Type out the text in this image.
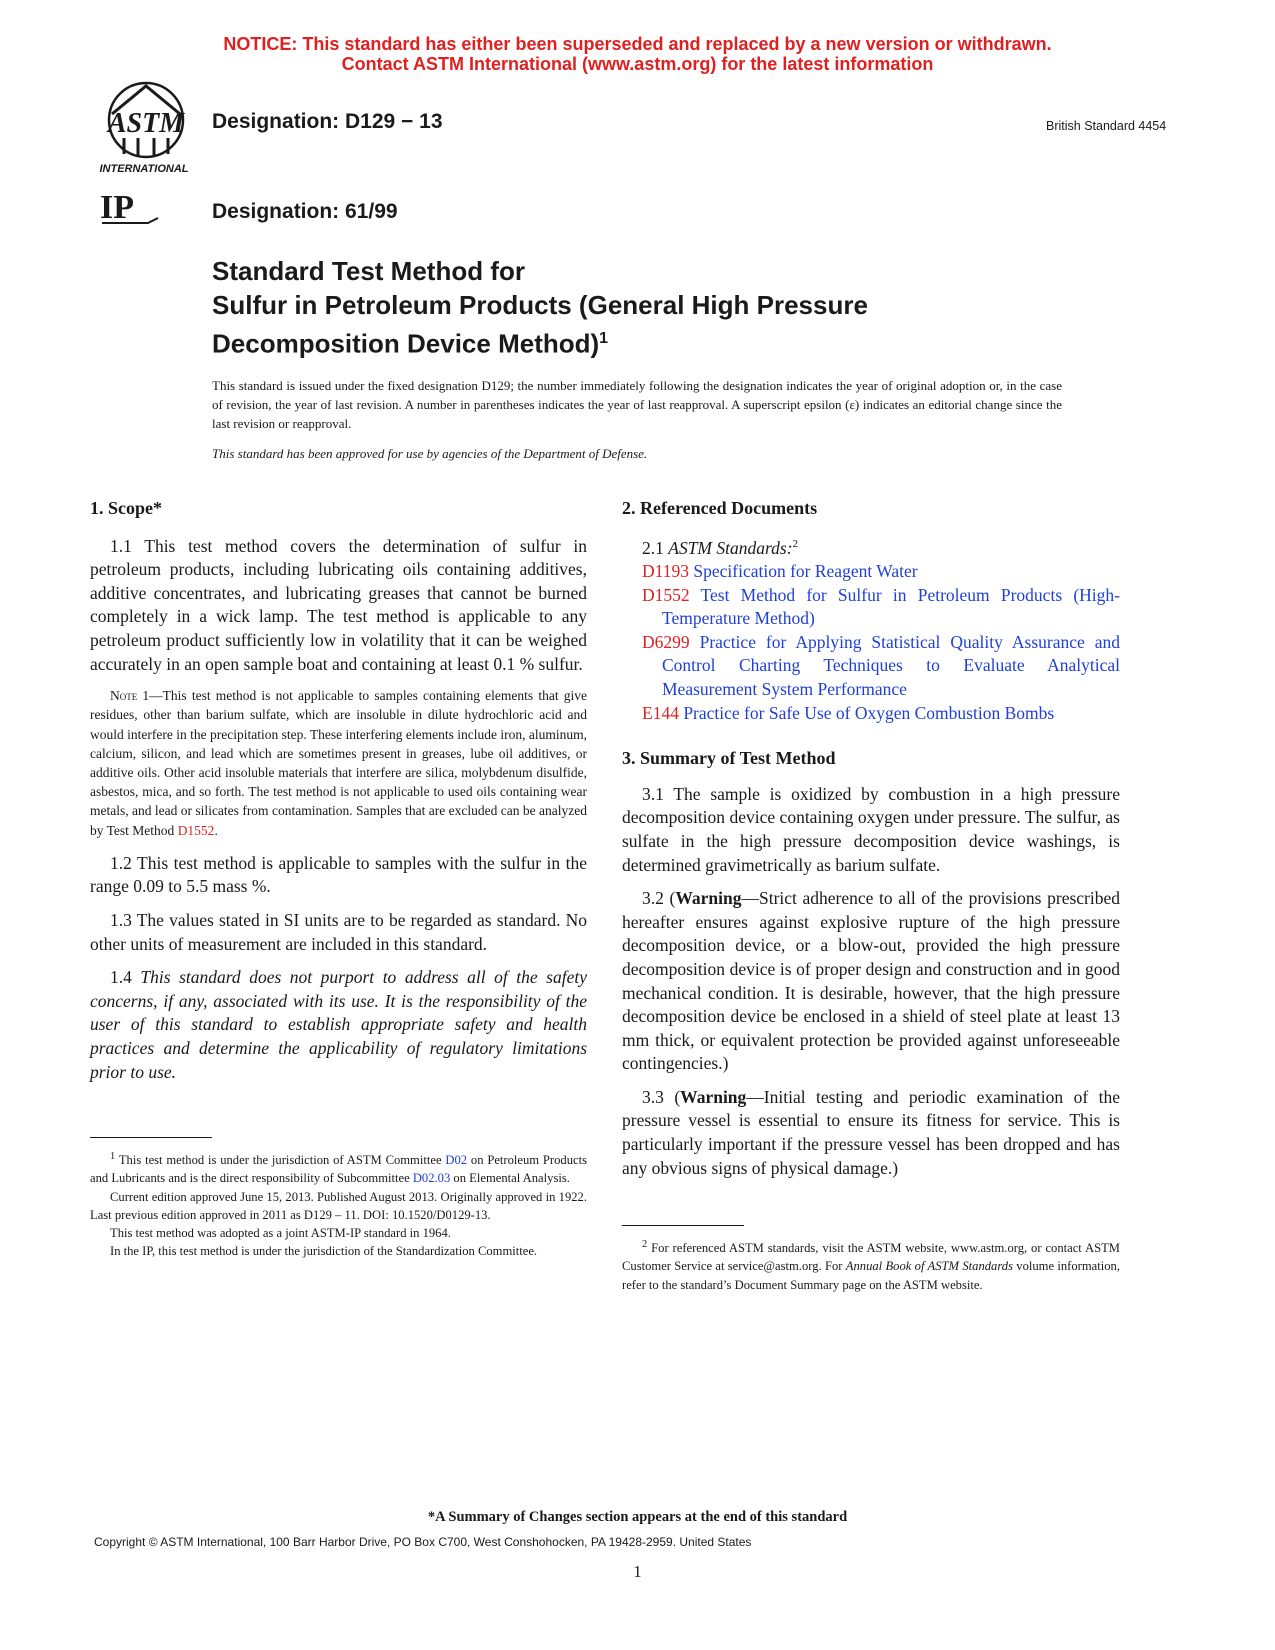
NOTICE: This standard has either been superseded and replaced by a new version or withdrawn.
Contact ASTM International (www.astm.org) for the latest information
ASTM
INTERNATIONAL
IP
Designation: D129 − 13	British Standard 4454
Designation: 61/99
Standard Test Method for
Sulfur in Petroleum Products (General High Pressure
Decomposition Device Method)$^1$
This standard is issued under the fixed designation D129; the number immediately following the designation indicates the year of original adoption or, in the case of revision, the year of last revision. A number in parentheses indicates the year of last reapproval. A superscript epsilon (ε) indicates an editorial change since the last revision or reapproval.
This standard has been approved for use by agencies of the Department of Defense.

1. Scope*

1.1 This test method covers the determination of sulfur in petroleum products, including lubricating oils containing additives, additive concentrates, and lubricating greases that cannot be burned completely in a wick lamp. The test method is applicable to any petroleum product sufficiently low in volatility that it can be weighed accurately in an open sample boat and containing at least 0.1 % sulfur.

Note 1—This test method is not applicable to samples containing elements that give residues, other than barium sulfate, which are insoluble in dilute hydrochloric acid and would interfere in the precipitation step. These interfering elements include iron, aluminum, calcium, silicon, and lead which are sometimes present in greases, lube oil additives, or additive oils. Other acid insoluble materials that interfere are silica, molybdenum disulfide, asbestos, mica, and so forth. The test method is not applicable to used oils containing wear metals, and lead or silicates from contamination. Samples that are excluded can be analyzed by Test Method D1552.

1.2 This test method is applicable to samples with the sulfur in the range 0.09 to 5.5 mass %.

1.3 The values stated in SI units are to be regarded as standard. No other units of measurement are included in this standard.

1.4 This standard does not purport to address all of the safety concerns, if any, associated with its use. It is the responsibility of the user of this standard to establish appropriate safety and health practices and determine the applicability of regulatory limitations prior to use.

$^1$ This test method is under the jurisdiction of ASTM Committee D02 on Petroleum Products and Lubricants and is the direct responsibility of Subcommittee D02.03 on Elemental Analysis.

Current edition approved June 15, 2013. Published August 2013. Originally approved in 1922. Last previous edition approved in 2011 as D129 – 11. DOI: 10.1520/D0129-13.

This test method was adopted as a joint ASTM-IP standard in 1964.

In the IP, this test method is under the jurisdiction of the Standardization Committee.

2. Referenced Documents

2.1 ASTM Standards:$^2$

D1193 Specification for Reagent Water

D1552 Test Method for Sulfur in Petroleum Products (High-Temperature Method)

D6299 Practice for Applying Statistical Quality Assurance and Control Charting Techniques to Evaluate Analytical Measurement System Performance

E144 Practice for Safe Use of Oxygen Combustion Bombs

3. Summary of Test Method

3.1 The sample is oxidized by combustion in a high pressure decomposition device containing oxygen under pressure. The sulfur, as sulfate in the high pressure decomposition device washings, is determined gravimetrically as barium sulfate.

3.2 (Warning—Strict adherence to all of the provisions prescribed hereafter ensures against explosive rupture of the high pressure decomposition device, or a blow-out, provided the high pressure decomposition device is of proper design and construction and in good mechanical condition. It is desirable, however, that the high pressure decomposition device be enclosed in a shield of steel plate at least 13 mm thick, or equivalent protection be provided against unforeseeable contingencies.)

3.3 (Warning—Initial testing and periodic examination of the pressure vessel is essential to ensure its fitness for service. This is particularly important if the pressure vessel has been dropped and has any obvious signs of physical damage.)

$^2$ For referenced ASTM standards, visit the ASTM website, www.astm.org, or contact ASTM Customer Service at service@astm.org. For Annual Book of ASTM Standards volume information, refer to the standard’s Document Summary page on the ASTM website.

*A Summary of Changes section appears at the end of this standard
Copyright © ASTM International, 100 Barr Harbor Drive, PO Box C700, West Conshohocken, PA 19428-2959. United States
1
